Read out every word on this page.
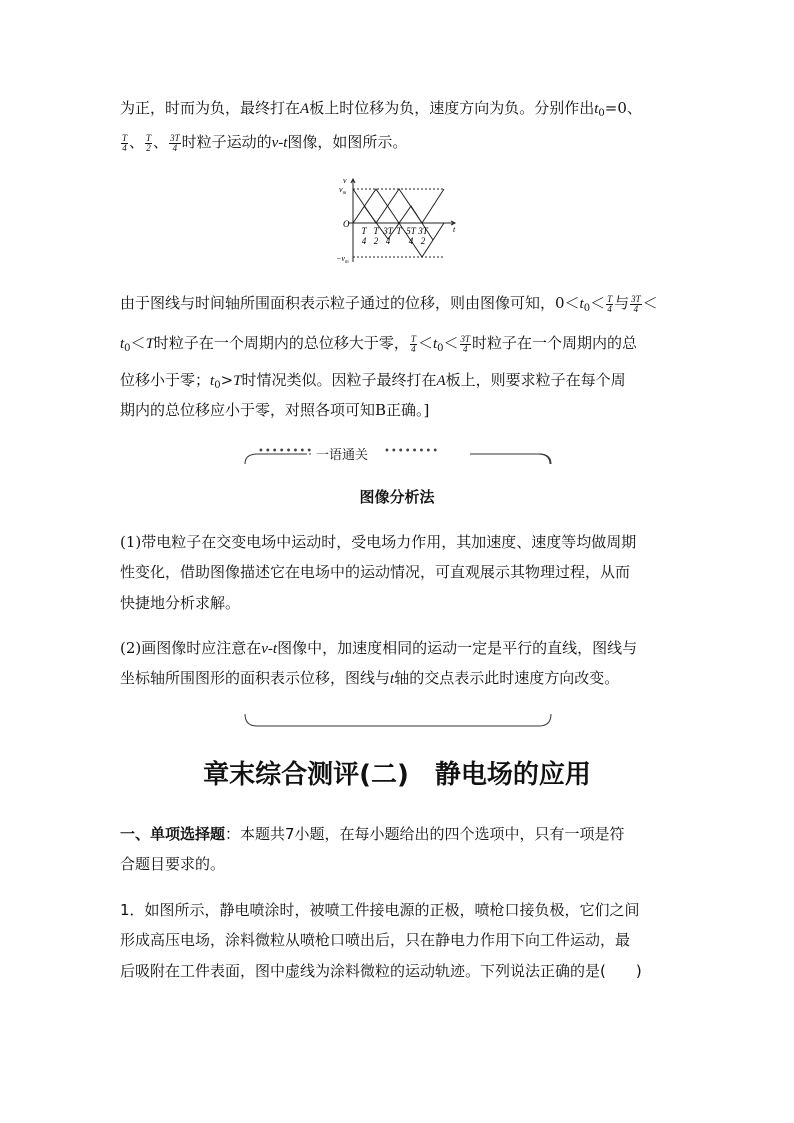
为正，时而为负，最终打在A板上时位移为负，速度方向为负。分别作出$t_0=0$、
$\frac{T}{4}$ 、 $\frac{T}{2}$ 、 $\frac{3T}{4}$ 时粒子运动的v-t图像，如图所示。
v
$v_m$
$-v_m$
O
t
T
4
T
2
3T
4
T 5T
4
3T
2
由于图线与时间轴所围面积表示粒子通过的位移，则由图像可知，$0<t_0< \frac{T}{4}$ 与 $\frac{3T}{4}$ ＜
$t_0<T$时粒子在一个周期内的总位移大于零， $\frac{T}{4} <t_0< \frac{3T}{4}$ 时粒子在一个周期内的总
位移小于零；$t_0>T$时情况类似。因粒子最终打在A板上，则要求粒子在每个周
期内的总位移应小于零，对照各项可知B正确。]
•••••••• 一语通关 ••••••••
图像分析法
(1)带电粒子在交变电场中运动时，受电场力作用，其加速度、速度等均做周期
性变化，借助图像描述它在电场中的运动情况，可直观展示其物理过程，从而
快捷地分析求解。
(2)画图像时应注意在v-t图像中，加速度相同的运动一定是平行的直线，图线与
坐标轴所围图形的面积表示位移，图线与t轴的交点表示此时速度方向改变。
章末综合测评(二)　静电场的应用
一、单项选择题：本题共7小题，在每小题给出的四个选项中，只有一项是符
合题目要求的。
1．如图所示，静电喷涂时，被喷工件接电源的正极，喷枪口接负极，它们之间
形成高压电场，涂料微粒从喷枪口喷出后，只在静电力作用下向工件运动，最
后吸附在工件表面，图中虚线为涂料微粒的运动轨迹。下列说法正确的是(　　)
